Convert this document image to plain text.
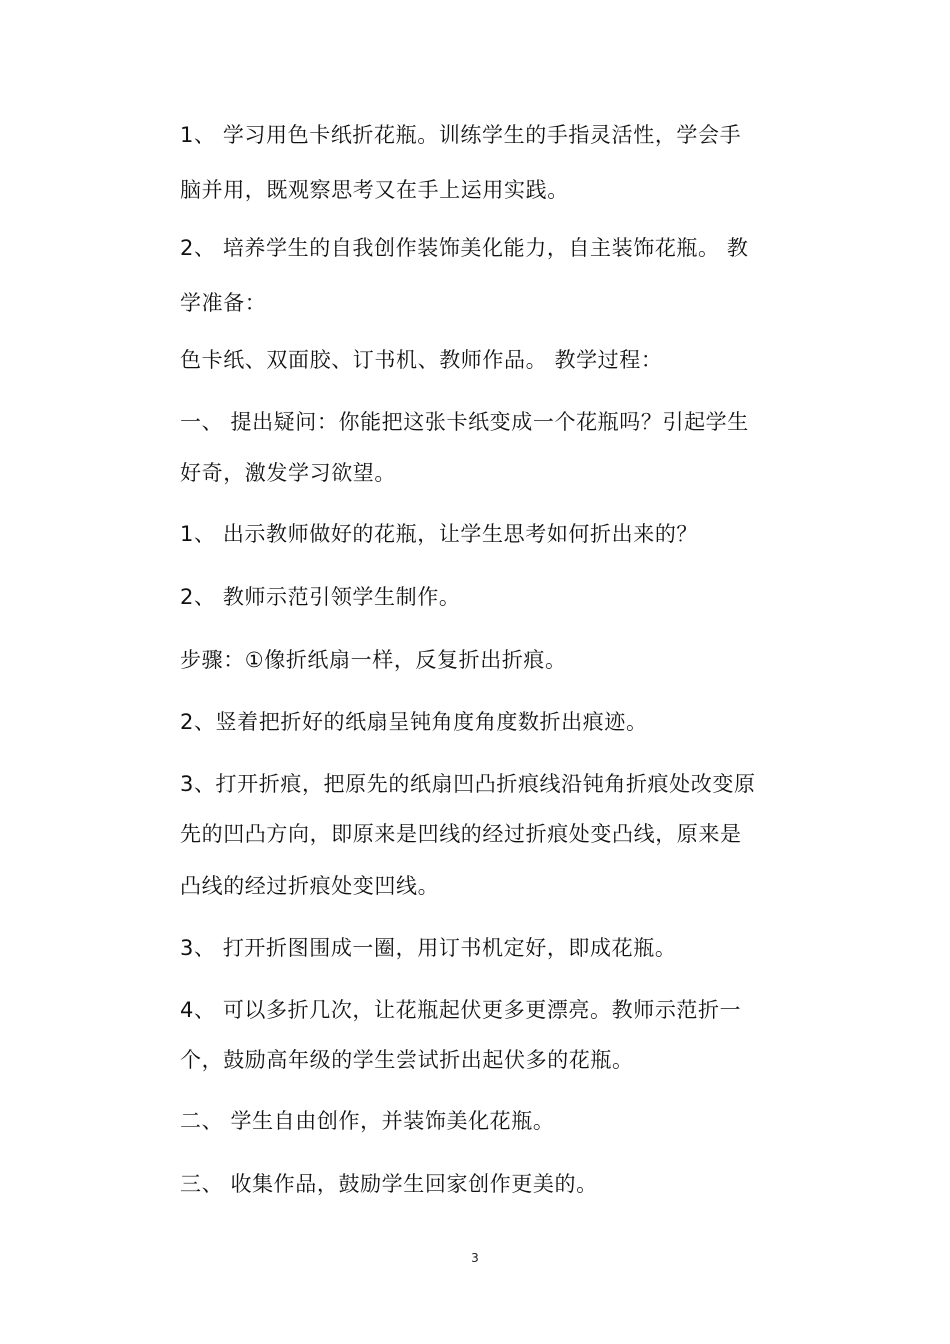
1、 学习用色卡纸折花瓶。训练学生的手指灵活性，学会手
脑并用，既观察思考又在手上运用实践。
2、 培养学生的自我创作装饰美化能力，自主装饰花瓶。 教
学准备：
色卡纸、双面胶、订书机、教师作品。 教学过程：
一、 提出疑问：你能把这张卡纸变成一个花瓶吗？引起学生
好奇，激发学习欲望。
1、 出示教师做好的花瓶，让学生思考如何折出来的？
2、 教师示范引领学生制作。
步骤：①像折纸扇一样，反复折出折痕。
2、竖着把折好的纸扇呈钝角度角度数折出痕迹。
3、打开折痕，把原先的纸扇凹凸折痕线沿钝角折痕处改变原
先的凹凸方向，即原来是凹线的经过折痕处变凸线，原来是
凸线的经过折痕处变凹线。
3、 打开折图围成一圈，用订书机定好，即成花瓶。
4、 可以多折几次，让花瓶起伏更多更漂亮。教师示范折一
个，鼓励高年级的学生尝试折出起伏多的花瓶。
二、 学生自由创作，并装饰美化花瓶。
三、 收集作品，鼓励学生回家创作更美的。
3
